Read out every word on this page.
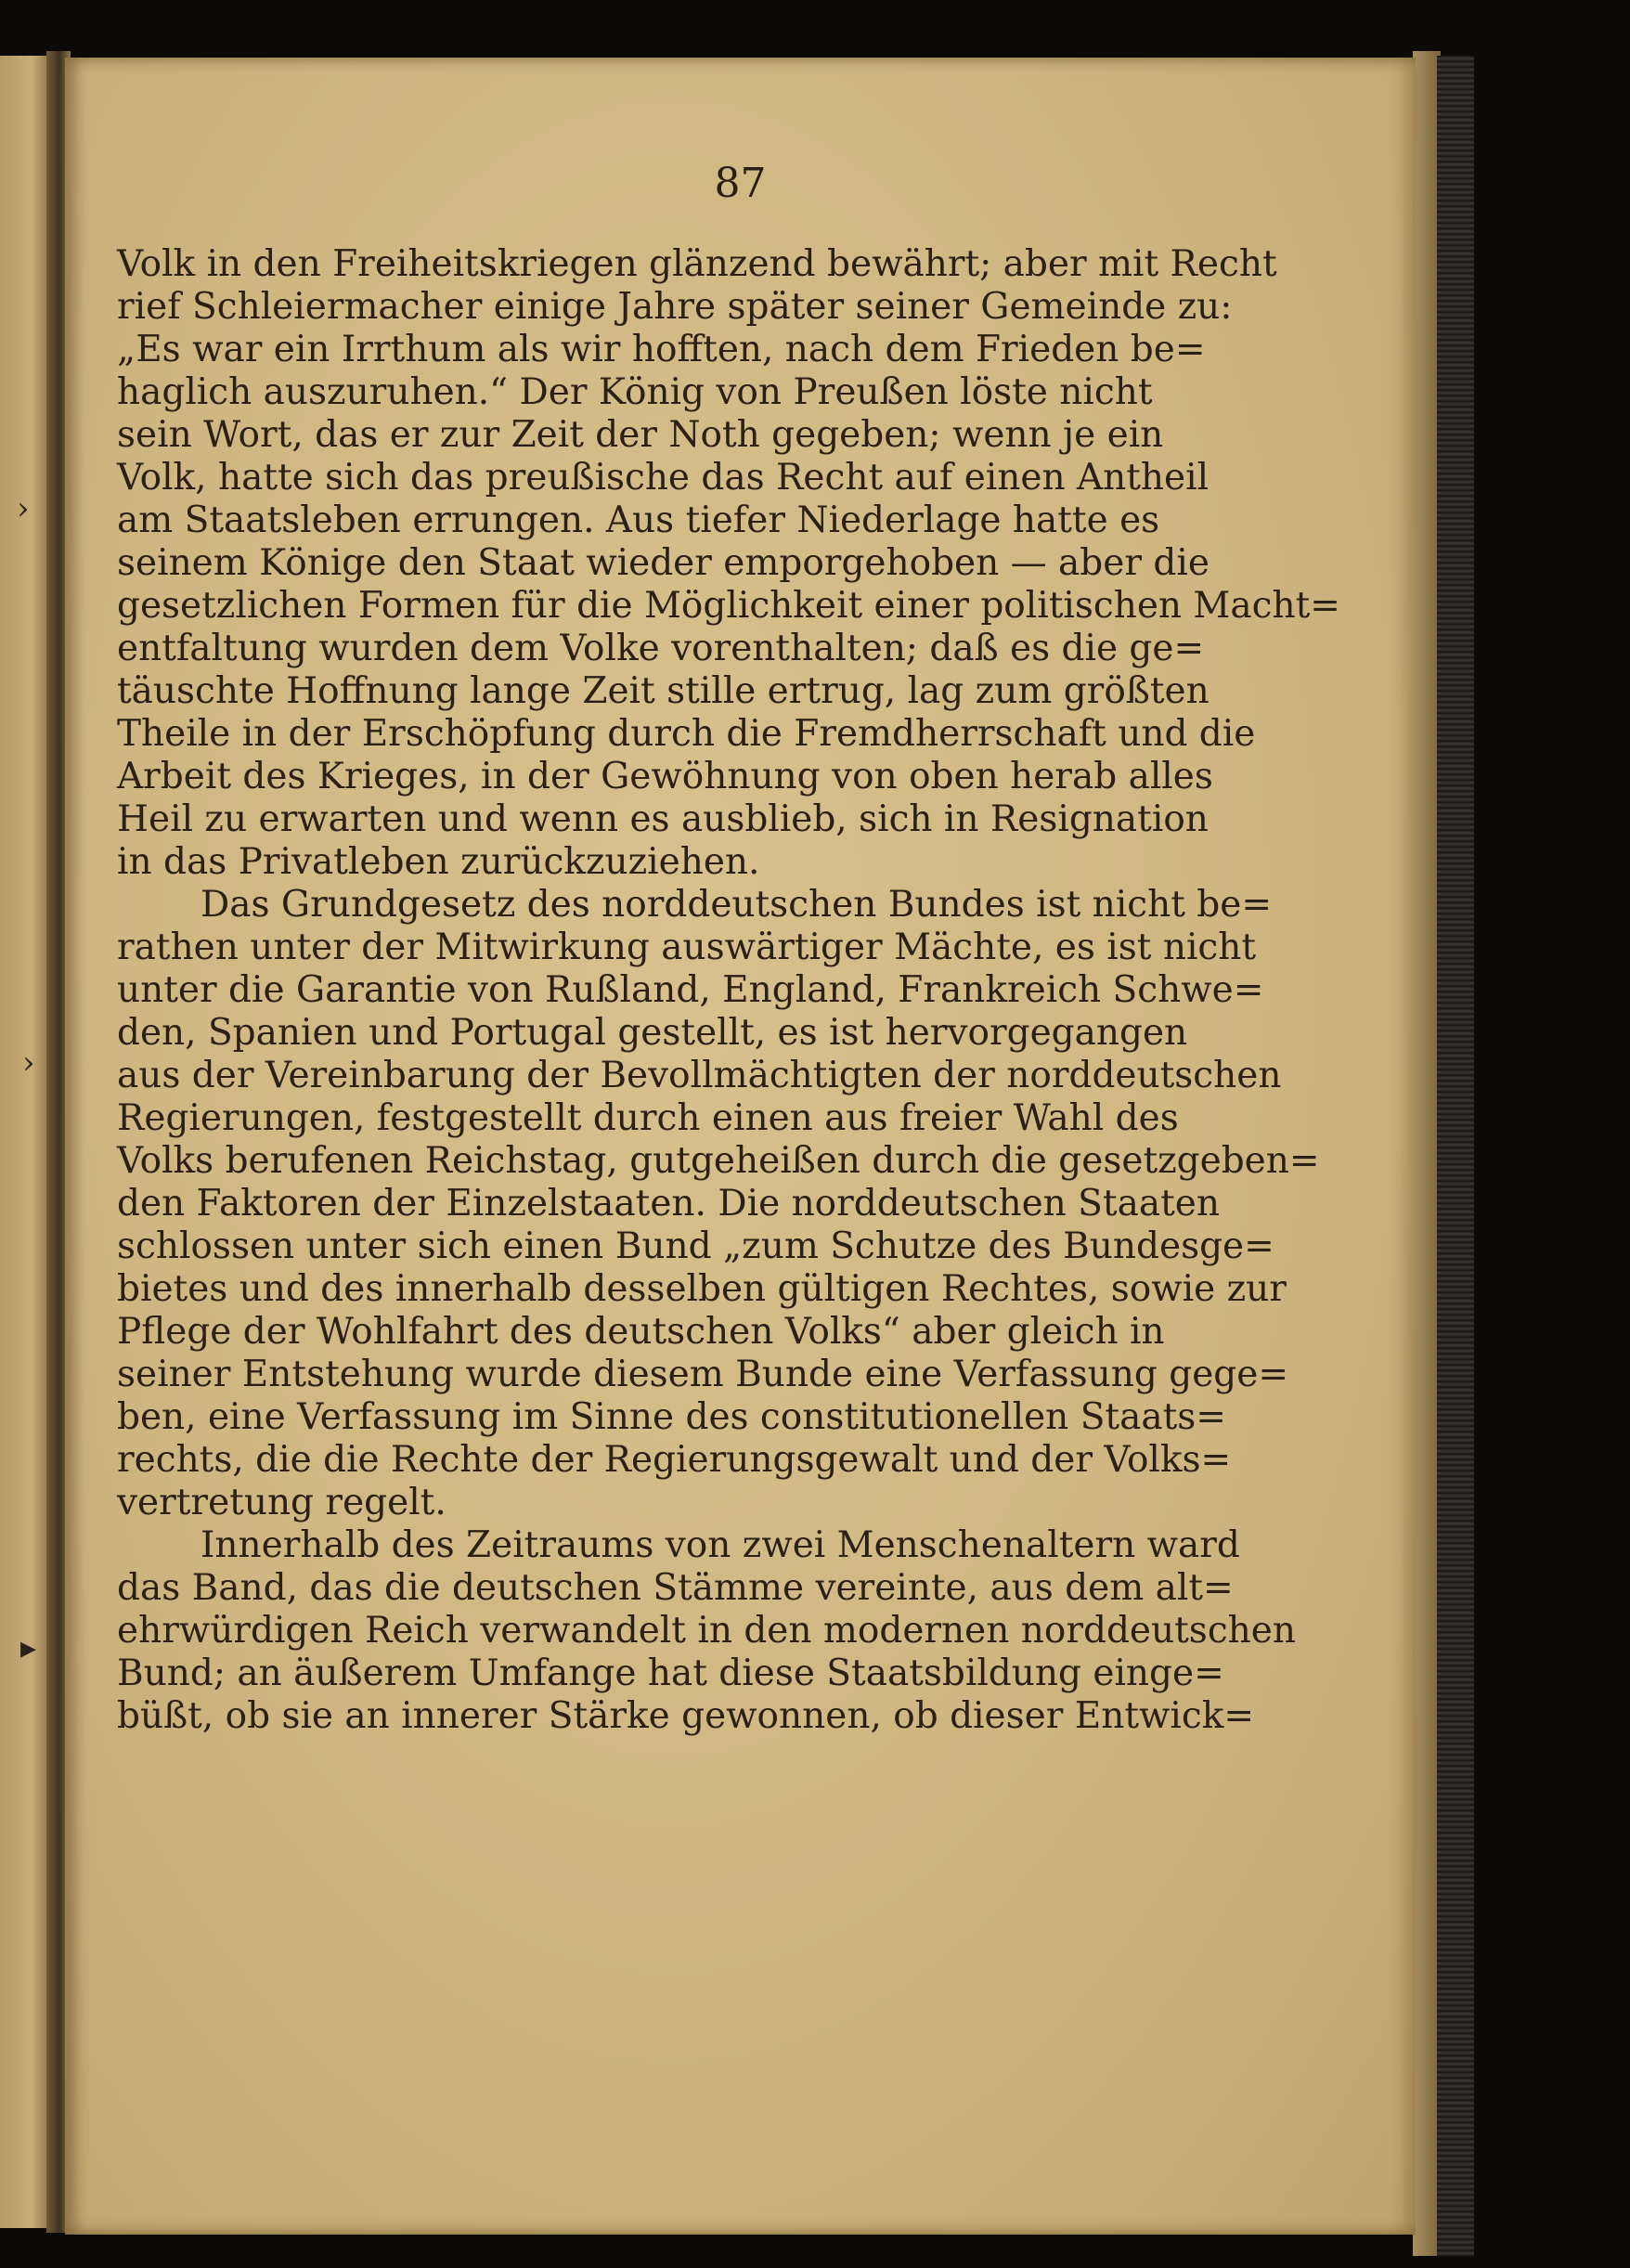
87
Volk in den Freiheitskriegen glänzend bewährt; aber mit Recht
rief Schleiermacher einige Jahre später seiner Gemeinde zu:
„Es war ein Irrthum als wir hofften, nach dem Frieden be=
haglich auszuruhen.“ Der König von Preußen löste nicht
sein Wort, das er zur Zeit der Noth gegeben; wenn je ein
Volk, hatte sich das preußische das Recht auf einen Antheil
am Staatsleben errungen. Aus tiefer Niederlage hatte es
seinem Könige den Staat wieder emporgehoben — aber die
gesetzlichen Formen für die Möglichkeit einer politischen Macht=
entfaltung wurden dem Volke vorenthalten; daß es die ge=
täuschte Hoffnung lange Zeit stille ertrug, lag zum größten
Theile in der Erschöpfung durch die Fremdherrschaft und die
Arbeit des Krieges, in der Gewöhnung von oben herab alles
Heil zu erwarten und wenn es ausblieb, sich in Resignation
in das Privatleben zurückzuziehen.
Das Grundgesetz des norddeutschen Bundes ist nicht be=
rathen unter der Mitwirkung auswärtiger Mächte, es ist nicht
unter die Garantie von Rußland, England, Frankreich Schwe=
den, Spanien und Portugal gestellt, es ist hervorgegangen
aus der Vereinbarung der Bevollmächtigten der norddeutschen
Regierungen, festgestellt durch einen aus freier Wahl des
Volks berufenen Reichstag, gutgeheißen durch die gesetzgeben=
den Faktoren der Einzelstaaten. Die norddeutschen Staaten
schlossen unter sich einen Bund „zum Schutze des Bundesge=
bietes und des innerhalb desselben gültigen Rechtes, sowie zur
Pflege der Wohlfahrt des deutschen Volks“ aber gleich in
seiner Entstehung wurde diesem Bunde eine Verfassung gege=
ben, eine Verfassung im Sinne des constitutionellen Staats=
rechts, die die Rechte der Regierungsgewalt und der Volks=
vertretung regelt.
Innerhalb des Zeitraums von zwei Menschenaltern ward
das Band, das die deutschen Stämme vereinte, aus dem alt=
ehrwürdigen Reich verwandelt in den modernen norddeutschen
Bund; an äußerem Umfange hat diese Staatsbildung einge=
büßt, ob sie an innerer Stärke gewonnen, ob dieser Entwick=
›
›
▸
